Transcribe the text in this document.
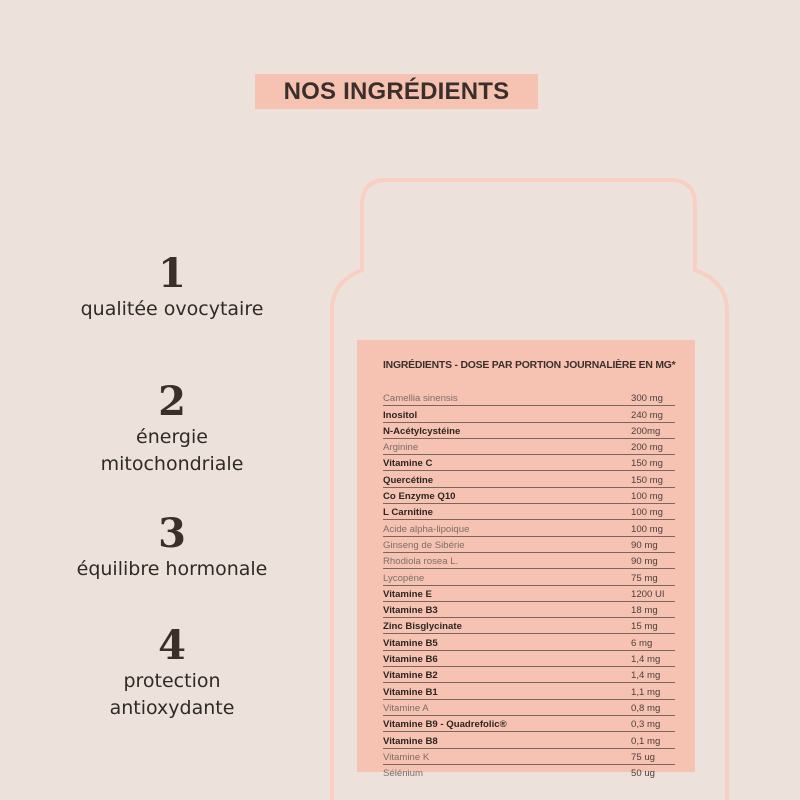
NOS INGRÉDIENTS
1
qualitée ovocytaire
2
énergie
mitochondriale
3
équilibre hormonale
4
protection
antioxydante
INGRÉDIENTS - DOSE PAR PORTION JOURNALIÈRE EN MG*
Camellia sinensis	300 mg
Inositol	240 mg
N-Acétylcystéine	200mg
Arginine	200 mg
Vitamine C	150 mg
Quercétine	150 mg
Co Enzyme Q10	100 mg
L Carnitine	100 mg
Acide alpha-lipoique	100 mg
Ginseng de Sibérie	90 mg
Rhodiola rosea L.	90 mg
Lycopène	75 mg
Vitamine E	1200 UI
Vitamine B3	18 mg
Zinc Bisglycinate	15 mg
Vitamine B5	6 mg
Vitamine B6	1,4 mg
Vitamine B2	1,4 mg
Vitamine B1	1,1 mg
Vitamine A	0,8 mg
Vitamine B9 - Quadrefolic®	0,3 mg
Vitamine B8	0,1 mg
Vitamine K	75 ug
Sélénium	50 ug
